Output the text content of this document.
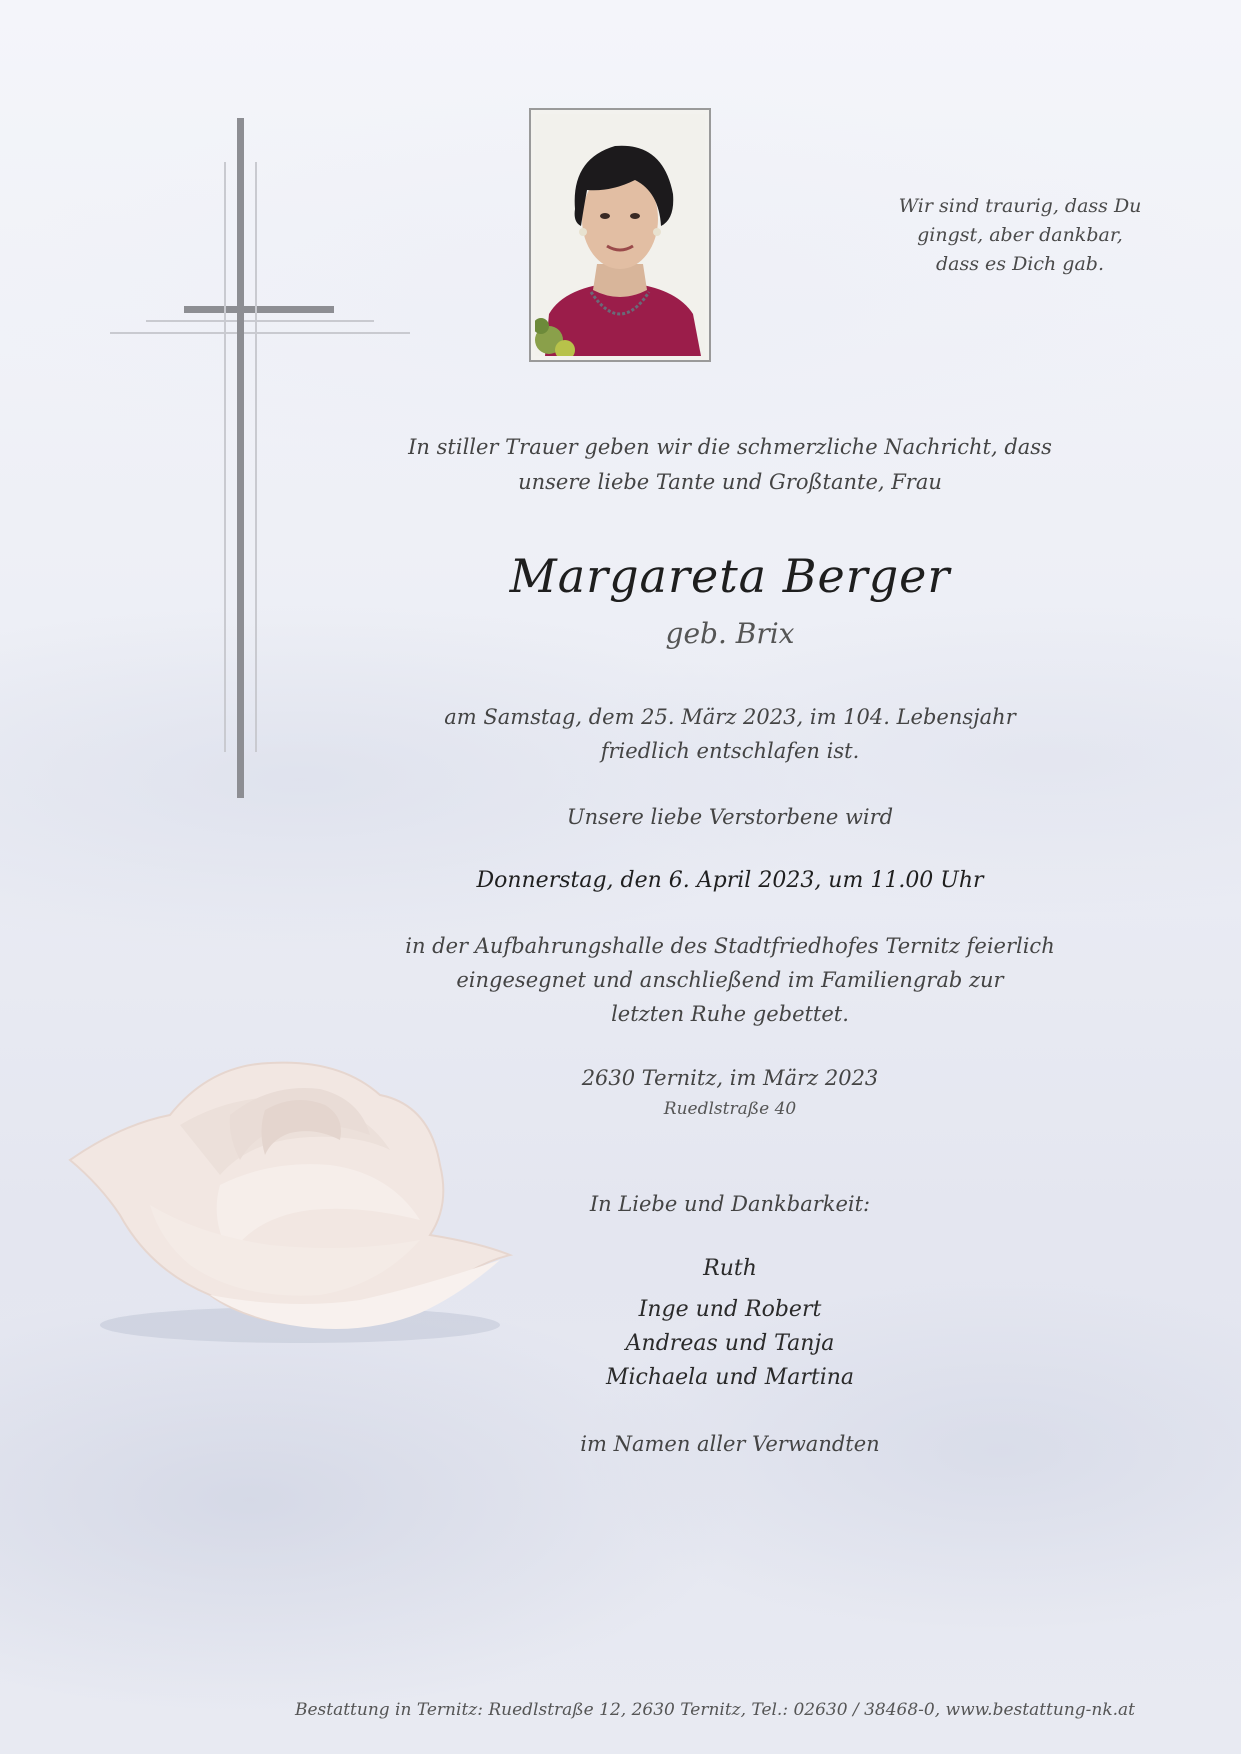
Wir sind traurig, dass Du
gingst, aber dankbar,
dass es Dich gab.
In stiller Trauer geben wir die schmerzliche Nachricht, dass
unsere liebe Tante und Großtante, Frau
Margareta Berger
geb. Brix
am Samstag, dem 25. März 2023, im 104. Lebensjahr
friedlich entschlafen ist.
Unsere liebe Verstorbene wird
Donnerstag, den 6. April 2023, um 11.00 Uhr
in der Aufbahrungshalle des Stadtfriedhofes Ternitz feierlich
eingesegnet und anschließend im Familiengrab zur
letzten Ruhe gebettet.
2630 Ternitz, im März 2023
Ruedlstraße 40
In Liebe und Dankbarkeit:
Ruth
Inge und Robert
Andreas und Tanja
Michaela und Martina
im Namen aller Verwandten
Bestattung in Ternitz: Ruedlstraße 12, 2630 Ternitz, Tel.: 02630 / 38468-0, www.bestattung-nk.at
